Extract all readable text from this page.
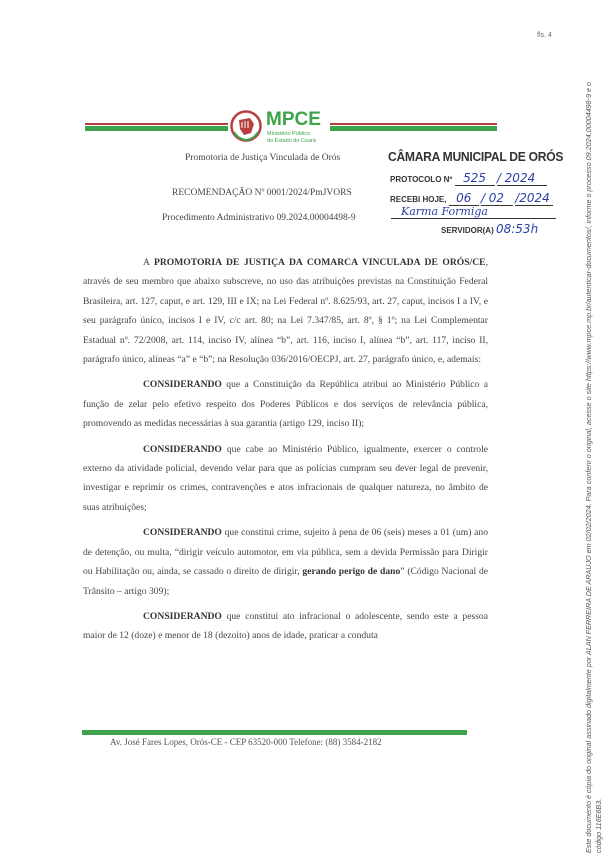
fls. 4
MPCE
Ministério Público
do Estado do Ceará
Promotoria de Justiça Vinculada de Orós
RECOMENDAÇÃO Nº 0001/2024/PmJVORS
Procedimento Administrativo 09.2024.00004498-9
CÂMARA MUNICIPAL DE ORÓS
PROTOCOLO Nº 525 / 2024
RECEBI HOJE, 06 / 02 /2024
Karma Formiga
SERVIDOR(A) 08:53h

A PROMOTORIA DE JUSTIÇA DA COMARCA VINCULADA DE ORÓS/CE, através de seu membro que abaixo subscreve, no uso das atribuições previstas na Constituição Federal Brasileira, art. 127, caput, e art. 129, III e IX; na Lei Federal nº. 8.625/93, art. 27, caput, incisos I a IV, e seu parágrafo único, incisos I e IV, c/c art. 80; na Lei 7.347/85, art. 8º, § 1º; na Lei Complementar Estadual nº. 72/2008, art. 114, inciso IV, alínea “b”, art. 116, inciso I, alínea “b”, art. 117, inciso II, parágrafo único, alíneas “a” e “b”; na Resolução 036/2016/OECPJ, art. 27, parágrafo único, e, ademais:

CONSIDERANDO que a Constituição da República atribui ao Ministério Público a função de zelar pelo efetivo respeito dos Poderes Públicos e dos serviços de relevância pública, promovendo as medidas necessárias à sua garantia (artigo 129, inciso II);

CONSIDERANDO que cabe ao Ministério Público, igualmente, exercer o controle externo da atividade policial, devendo velar para que as polícias cumpram seu dever legal de prevenir, investigar e reprimir os crimes, contravenções e atos infracionais de qualquer natureza, no âmbito de suas atribuições;

CONSIDERANDO que constitui crime, sujeito à pena de 06 (seis) meses a 01 (um) ano de detenção, ou multa, “dirigir veículo automotor, em via pública, sem a devida Permissão para Dirigir ou Habilitação ou, ainda, se cassado o direito de dirigir, gerando perigo de dano” (Código Nacional de Trânsito – artigo 309);

CONSIDERANDO que constitui ato infracional o adolescente, sendo este a pessoa maior de 12 (doze) e menor de 18 (dezoito) anos de idade, praticar a conduta

Av. José Fares Lopes, Orós-CE - CEP 63520-000 Telefone: (88) 3584-2182	Este documento é cópia do original assinado digitalmente por ALAN FERREIRA DE ARAUJO em 02/02/2024. Para conferir o original, acesse o site https://www.mpce.mp.br/autenticar-documentos/, informe o processo 09.2024.00004498-9 e o código 116E6B3.
